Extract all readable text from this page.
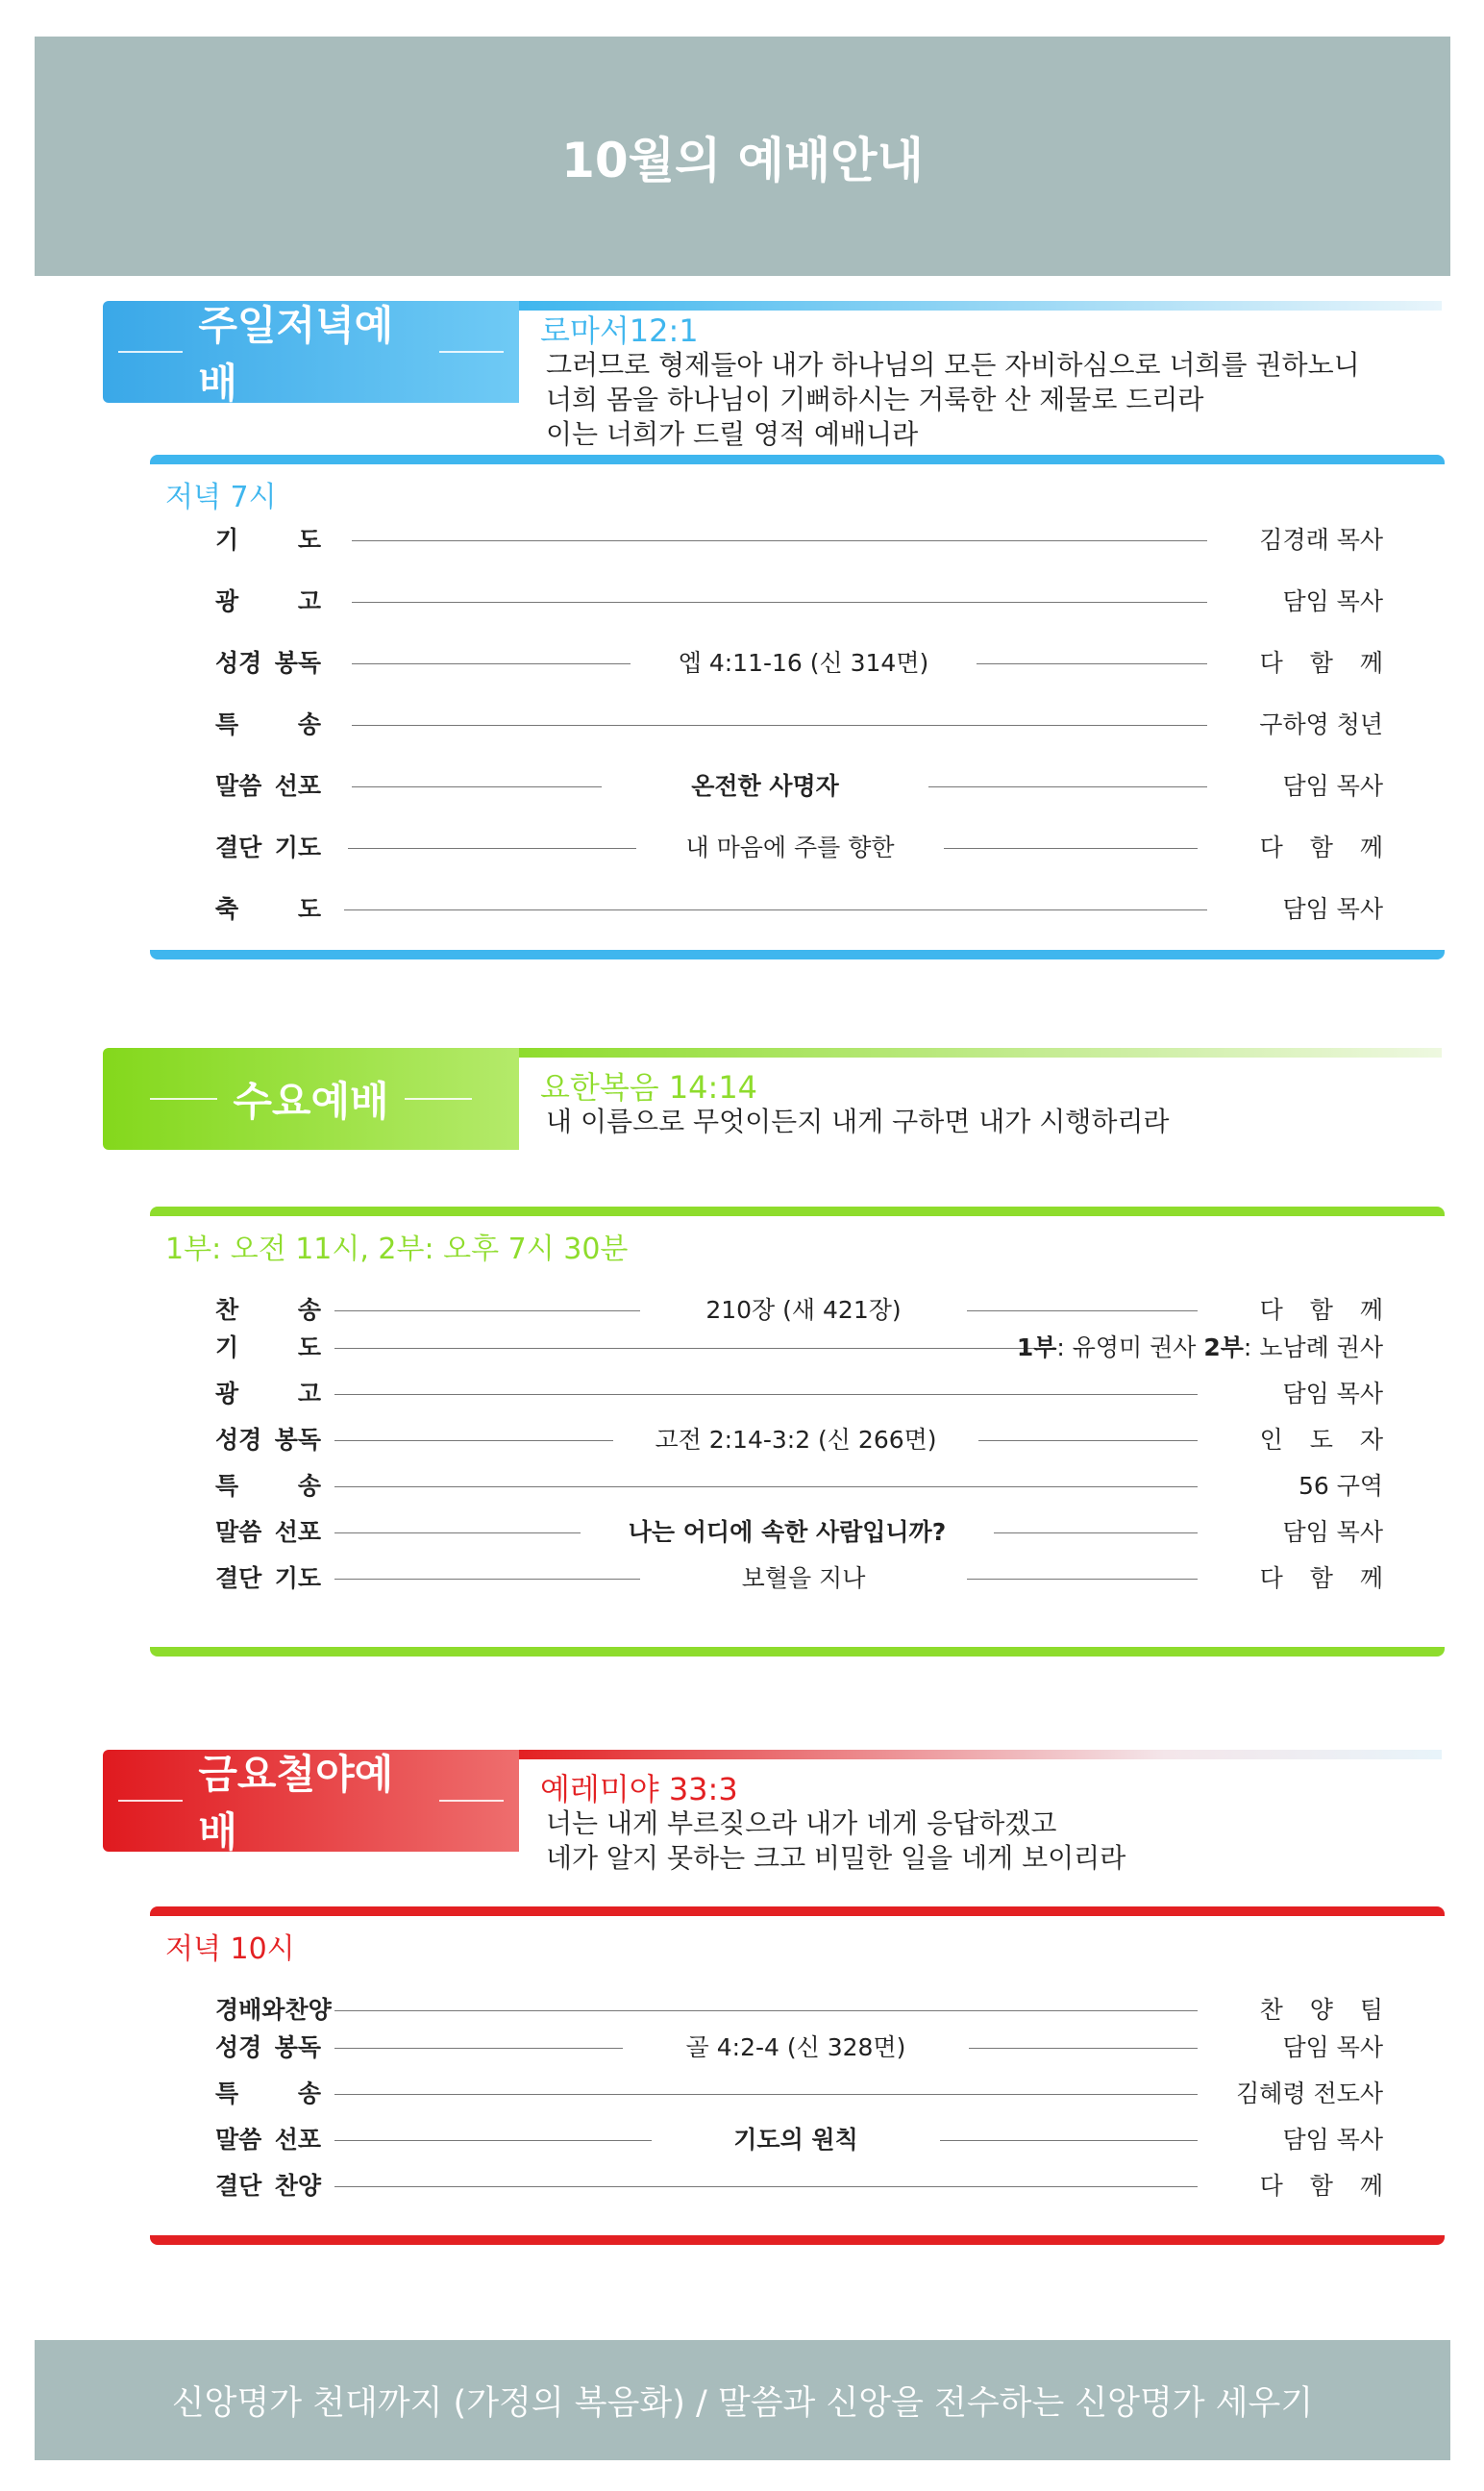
10월의 예배안내
주일저녁예배
로마서12:1
그러므로 형제들아 내가 하나님의 모든 자비하심으로 너희를 권하노니
너희 몸을 하나님이 기뻐하시는 거룩한 산 제물로 드리라
이는 너희가 드릴 영적 예배니라
저녁 7시
기 도	김경래 목사
광 고	담임 목사
성경 봉독	엡 4:11-16 (신 314면)	다 함 께
특 송	구하영 청년
말씀 선포	온전한 사명자	담임 목사
결단 기도	내 마음에 주를 향한	다 함 께
축 도	담임 목사
수요예배	요한복음 14:14
내 이름으로 무엇이든지 내게 구하면 내가 시행하리라
1부: 오전 11시, 2부: 오후 7시 30분
찬 송	210장 (새 421장)	다 함 께
기 도	1부: 유영미 권사 2부: 노남례 권사
광 고	담임 목사
성경 봉독	고전 2:14-3:2 (신 266면)	인 도 자
특 송	56 구역
말씀 선포	나는 어디에 속한 사람입니까?	담임 목사
결단 기도	보혈을 지나	다 함 께
금요철야예배
예레미야 33:3
너는 내게 부르짖으라 내가 네게 응답하겠고
네가 알지 못하는 크고 비밀한 일을 네게 보이리라
저녁 10시
경배와찬양	찬 양 팀
성경 봉독	골 4:2-4 (신 328면)	담임 목사
특 송	김혜령 전도사
말씀 선포	기도의 원칙	담임 목사
결단 찬양	다 함 께
신앙명가 천대까지 (가정의 복음화) / 말씀과 신앙을 전수하는 신앙명가 세우기
